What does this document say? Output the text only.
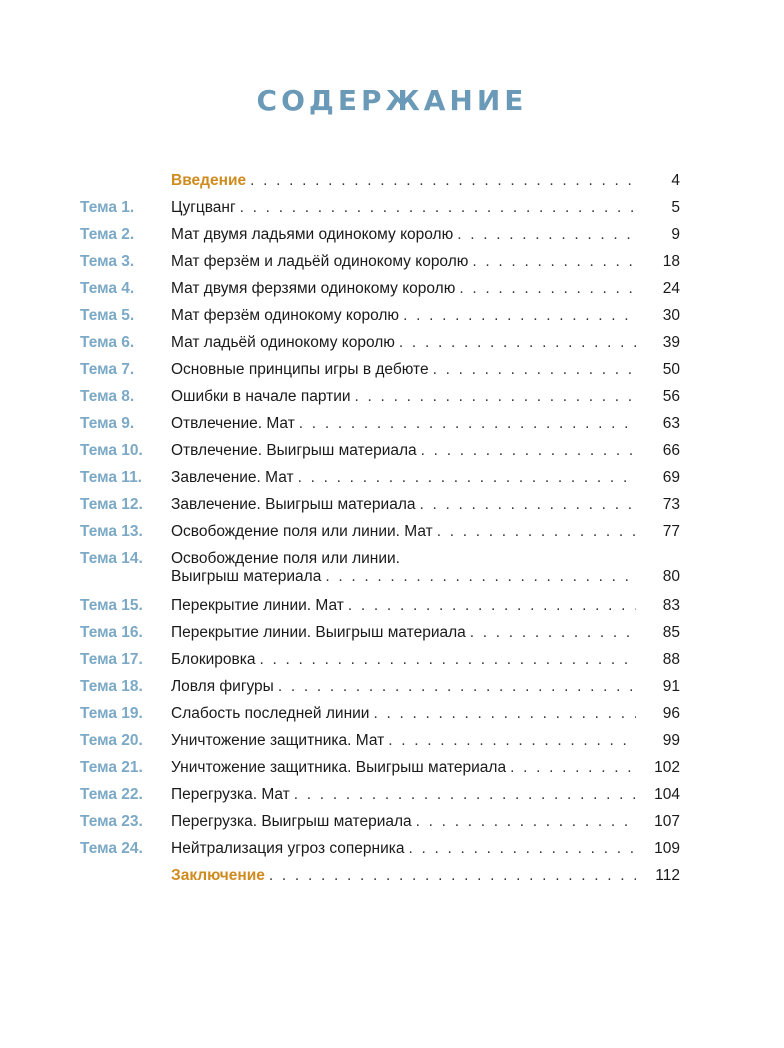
СОДЕРЖАНИЕ
Введение . . .	4
Тема 1. Цугцванг . . .	5
Тема 2. Мат двумя ладьями одинокому королю . . .	9
Тема 3. Мат ферзём и ладьёй одинокому королю . . .	18
Тема 4. Мат двумя ферзями одинокому королю . . .	24
Тема 5. Мат ферзём одинокому королю . . .	30
Тема 6. Мат ладьёй одинокому королю . . .	39
Тема 7. Основные принципы игры в дебюте . . .	50
Тема 8. Ошибки в начале партии . . .	56
Тема 9. Отвлечение. Мат . . .	63
Тема 10. Отвлечение. Выигрыш материала . . .	66
Тема 11. Завлечение. Мат . . .	69
Тема 12. Завлечение. Выигрыш материала . . .	73
Тема 13. Освобождение поля или линии. Мат . . .	77
Тема 14. Освобождение поля или линии.
Выигрыш материала . . .	80
Тема 15. Перекрытие линии. Мат . . .	83
Тема 16. Перекрытие линии. Выигрыш материала . . .	85
Тема 17. Блокировка . . .	88
Тема 18. Ловля фигуры . . .	91
Тема 19. Слабость последней линии . . .	96
Тема 20. Уничтожение защитника. Мат . . .	99
Тема 21. Уничтожение защитника. Выигрыш материала . . .	102
Тема 22. Перегрузка. Мат . . .	104
Тема 23. Перегрузка. Выигрыш материала . . .	107
Тема 24. Нейтрализация угроз соперника . . .	109
Заключение . . .	112
